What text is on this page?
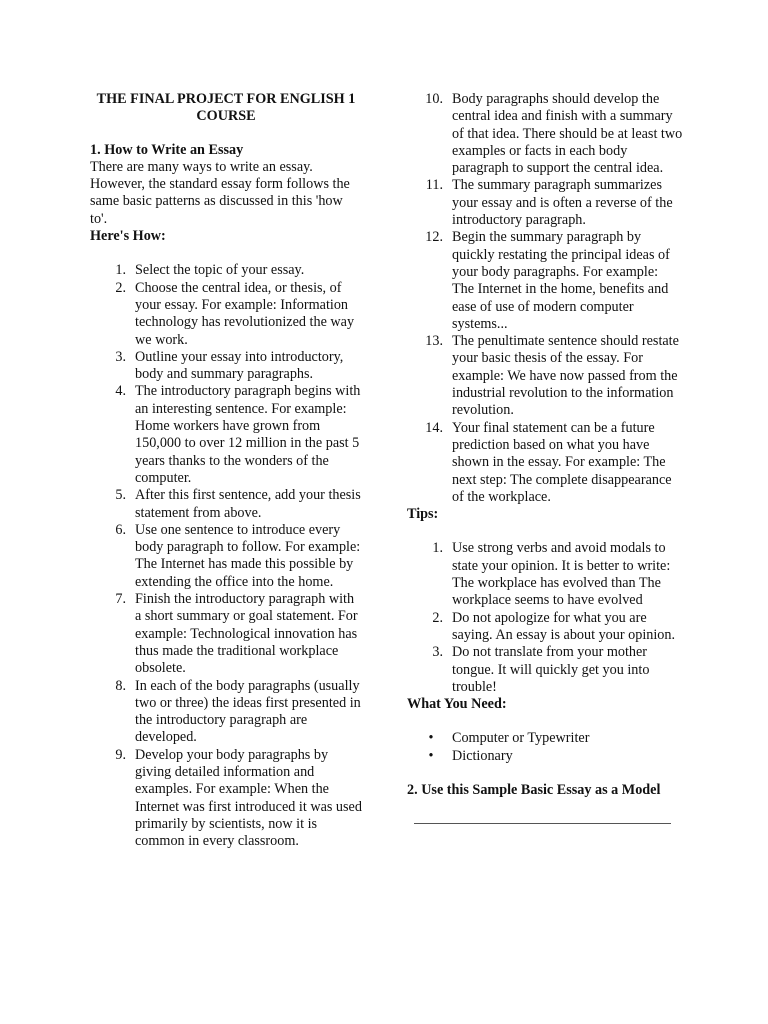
THE FINAL PROJECT FOR ENGLISH 1 COURSE
1. How to Write an Essay
There are many ways to write an essay. However, the standard essay form follows the same basic patterns as discussed in this 'how to'.
Here's How:
1. Select the topic of your essay.
2. Choose the central idea, or thesis, of your essay. For example: Information technology has revolutionized the way we work.
3. Outline your essay into introductory, body and summary paragraphs.
4. The introductory paragraph begins with an interesting sentence. For example: Home workers have grown from 150,000 to over 12 million in the past 5 years thanks to the wonders of the computer.
5. After this first sentence, add your thesis statement from above.
6. Use one sentence to introduce every body paragraph to follow. For example: The Internet has made this possible by extending the office into the home.
7. Finish the introductory paragraph with a short summary or goal statement. For example: Technological innovation has thus made the traditional workplace obsolete.
8. In each of the body paragraphs (usually two or three) the ideas first presented in the introductory paragraph are developed.
9. Develop your body paragraphs by giving detailed information and examples. For example: When the Internet was first introduced it was used primarily by scientists, now it is common in every classroom.
10. Body paragraphs should develop the central idea and finish with a summary of that idea. There should be at least two examples or facts in each body paragraph to support the central idea.
11. The summary paragraph summarizes your essay and is often a reverse of the introductory paragraph.
12. Begin the summary paragraph by quickly restating the principal ideas of your body paragraphs. For example: The Internet in the home, benefits and ease of use of modern computer systems...
13. The penultimate sentence should restate your basic thesis of the essay. For example: We have now passed from the industrial revolution to the information revolution.
14. Your final statement can be a future prediction based on what you have shown in the essay. For example: The next step: The complete disappearance of the workplace.
Tips:
1. Use strong verbs and avoid modals to state your opinion. It is better to write: The workplace has evolved than The workplace seems to have evolved
2. Do not apologize for what you are saying. An essay is about your opinion.
3. Do not translate from your mother tongue. It will quickly get you into trouble!
What You Need:
• Computer or Typewriter
• Dictionary
2. Use this Sample Basic Essay as a Model
